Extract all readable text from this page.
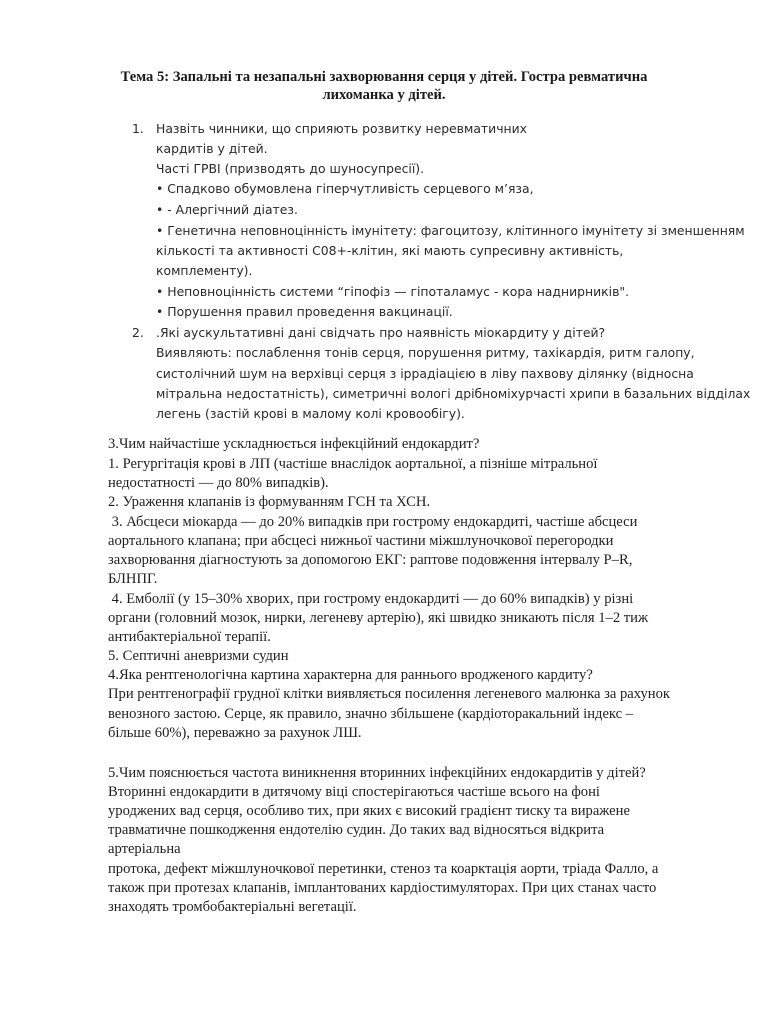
Тема 5: Запальні та незапальні захворювання серця у дітей. Гостра ревматична
лихоманка у дітей.
1. Назвіть чинники, що сприяють розвитку неревматичних
кардитів у дітей.
Часті ГРВІ (призводять до шуносупресії).
• Спадково обумовлена гіперчутливість серцевого м’яза,
• - Алергічний діатез.
• Генетична неповноцінність імунітету: фагоцитозу, клітинного імунітету зі зменшенням
кількості та активності С08+-клітин, які мають супресивну активність,
комплементу).
• Неповноцінність системи “гіпофіз — гіпоталамус - кора наднирників".
• Порушення правил проведення вакцинації.
2. .Які аускультативні дані свідчать про наявність міокардиту у дітей?
Виявляють: послаблення тонів серця, порушення ритму, тахікардія, ритм галопу,
систолічний шум на верхівці серця з іррадіацією в ліву пахвову ділянку (відносна
мітральна недостатність), симетричні вологі дрібноміхурчасті хрипи в базальних відділах
легень (застій крові в малому колі кровообігу).
3.Чим найчастіше ускладнюється інфекційний ендокардит?
1. Регургітація крові в ЛП (частіше внаслідок аортальної, а пізніше мітральної
недостатності — до 80% випадків).
2. Ураження клапанів із формуванням ГСН та ХСН.
3. Абсцеси міокарда — до 20% випадків при гострому ендокардиті, частіше абсцеси
аортального клапана; при абсцесі нижньої частини міжшлуночкової перегородки
захворювання діагностують за допомогою ЕКГ: раптове подовження інтервалу P–R,
БЛНПГ.
4. Емболії (у 15–30% хворих, при гострому ендокардиті — до 60% випадків) у різні
органи (головний мозок, нирки, легеневу артерію), які швидко зникають після 1–2 тиж
антибактеріальної терапії.
5. Септичні аневризми судин
4.Яка рентгенологічна картина характерна для раннього вродженого кардиту?
При рентгенографії грудної клітки виявляється посилення легеневого малюнка за рахунок
венозного застою. Серце, як правило, значно збільшене (кардіоторакальний індекс –
більше 60%), переважно за рахунок ЛШ.
5.Чим пояснюється частота виникнення вторинних інфекційних ендокардитів у дітей?
Вторинні ендокардити в дитячому віці спостерігаються частіше всього на фоні
уроджених вад серця, особливо тих, при яких є високий градієнт тиску та виражене
травматичне пошкодження ендотелію судин. До таких вад відносяться відкрита
артеріальна
протока, дефект міжшлуночкової перетинки, стеноз та коарктація аорти, тріада Фалло, а
також при протезах клапанів, імплантованих кардіостимуляторах. При цих станах часто
знаходять тромбобактеріальні вегетації.
